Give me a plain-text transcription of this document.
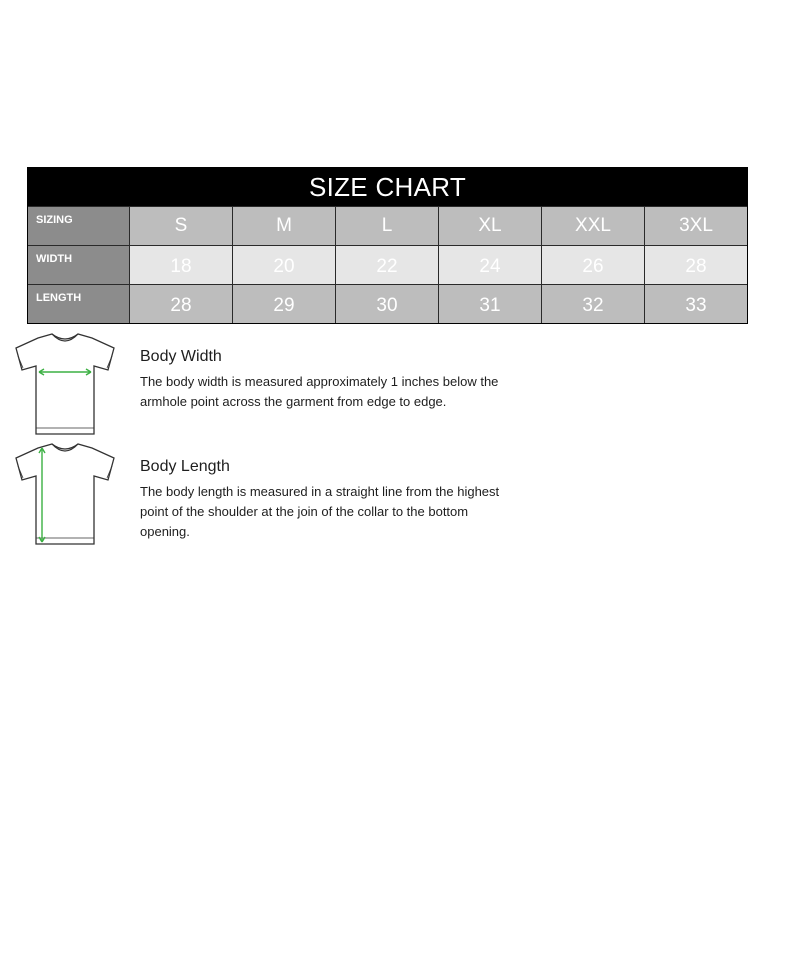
SIZE CHART
SIZING	S	M	L	XL	XXL	3XL
WIDTH	18	20	22	24	26	28
LENGTH	28	29	30	31	32	33
Body Width

The body width is measured approximately 1 inches below the armhole point across the garment from edge to edge.

Body Length

The body length is measured in a straight line from the highest point of the shoulder at the join of the collar to the bottom opening.
